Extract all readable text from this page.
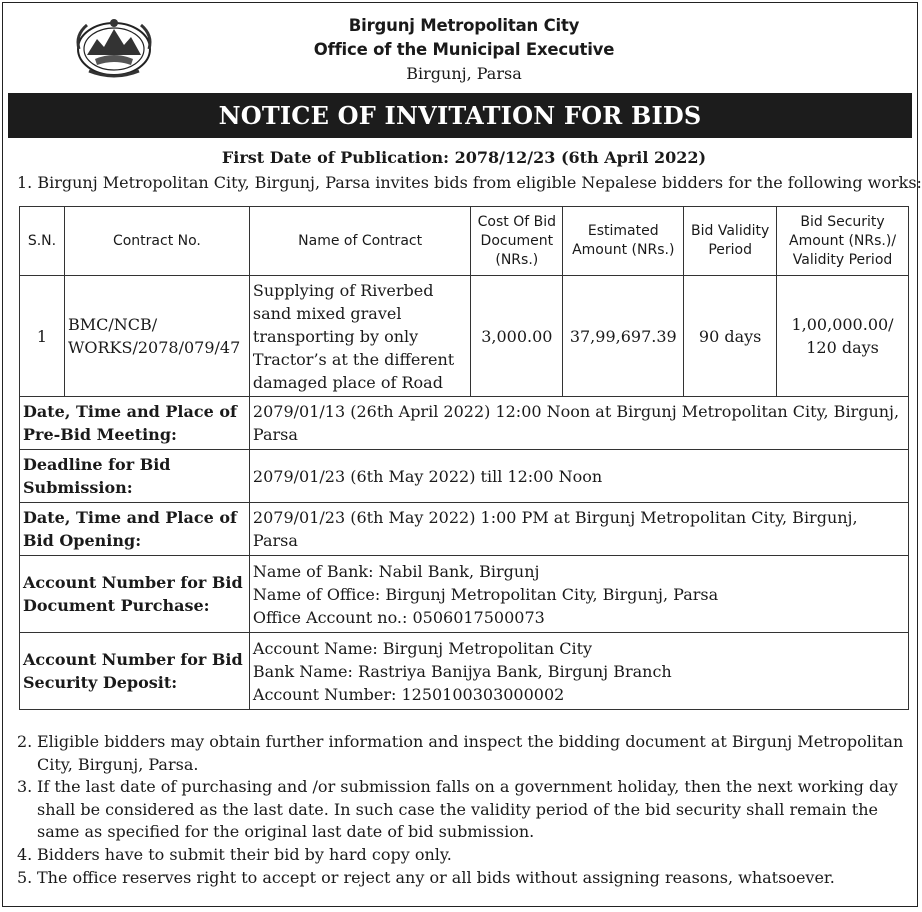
Birgunj Metropolitan City
Office of the Municipal Executive
Birgunj, Parsa
NOTICE OF INVITATION FOR BIDS
First Date of Publication: 2078/12/23 (6th April 2022)
1. Birgunj Metropolitan City, Birgunj, Parsa invites bids from eligible Nepalese bidders for the following works:
S.N.	Contract No.	Name of Contract	Cost Of Bid Document (NRs.)	Estimated Amount (NRs.)	Bid Validity Period	Bid Security Amount (NRs.)/ Validity Period
1	BMC/NCB/ WORKS/2078/079/47	Supplying of Riverbed sand mixed gravel transporting by only Tractor’s at the different damaged place of Road	3,000.00	37,99,697.39	90 days	1,00,000.00/ 120 days
Date, Time and Place of Pre-Bid Meeting:		2079/01/13 (26th April 2022) 12:00 Noon at Birgunj Metropolitan City, Birgunj, Parsa				
Deadline for Bid Submission:		2079/01/23 (6th May 2022) till 12:00 Noon				
Date, Time and Place of Bid Opening:		2079/01/23 (6th May 2022) 1:00 PM at Birgunj Metropolitan City, Birgunj, Parsa				
Account Number for Bid Document Purchase:		Name of Bank: Nabil Bank, Birgunj
Name of Office: Birgunj Metropolitan City, Birgunj, Parsa
Office Account no.: 0506017500073				

Account Number for Bid Security Deposit:		Account Name: Birgunj Metropolitan City
Bank Name: Rastriya Banijya Bank, Birgunj Branch
Account Number: 1250100303000002				
2. Eligible bidders may obtain further information and inspect the bidding document at Birgunj Metropolitan City, Birgunj, Parsa.
3. If the last date of purchasing and /or submission falls on a government holiday, then the next working day shall be considered as the last date. In such case the validity period of the bid security shall remain the same as specified for the original last date of bid submission.
4. Bidders have to submit their bid by hard copy only.
5. The office reserves right to accept or reject any or all bids without assigning reasons, whatsoever.
